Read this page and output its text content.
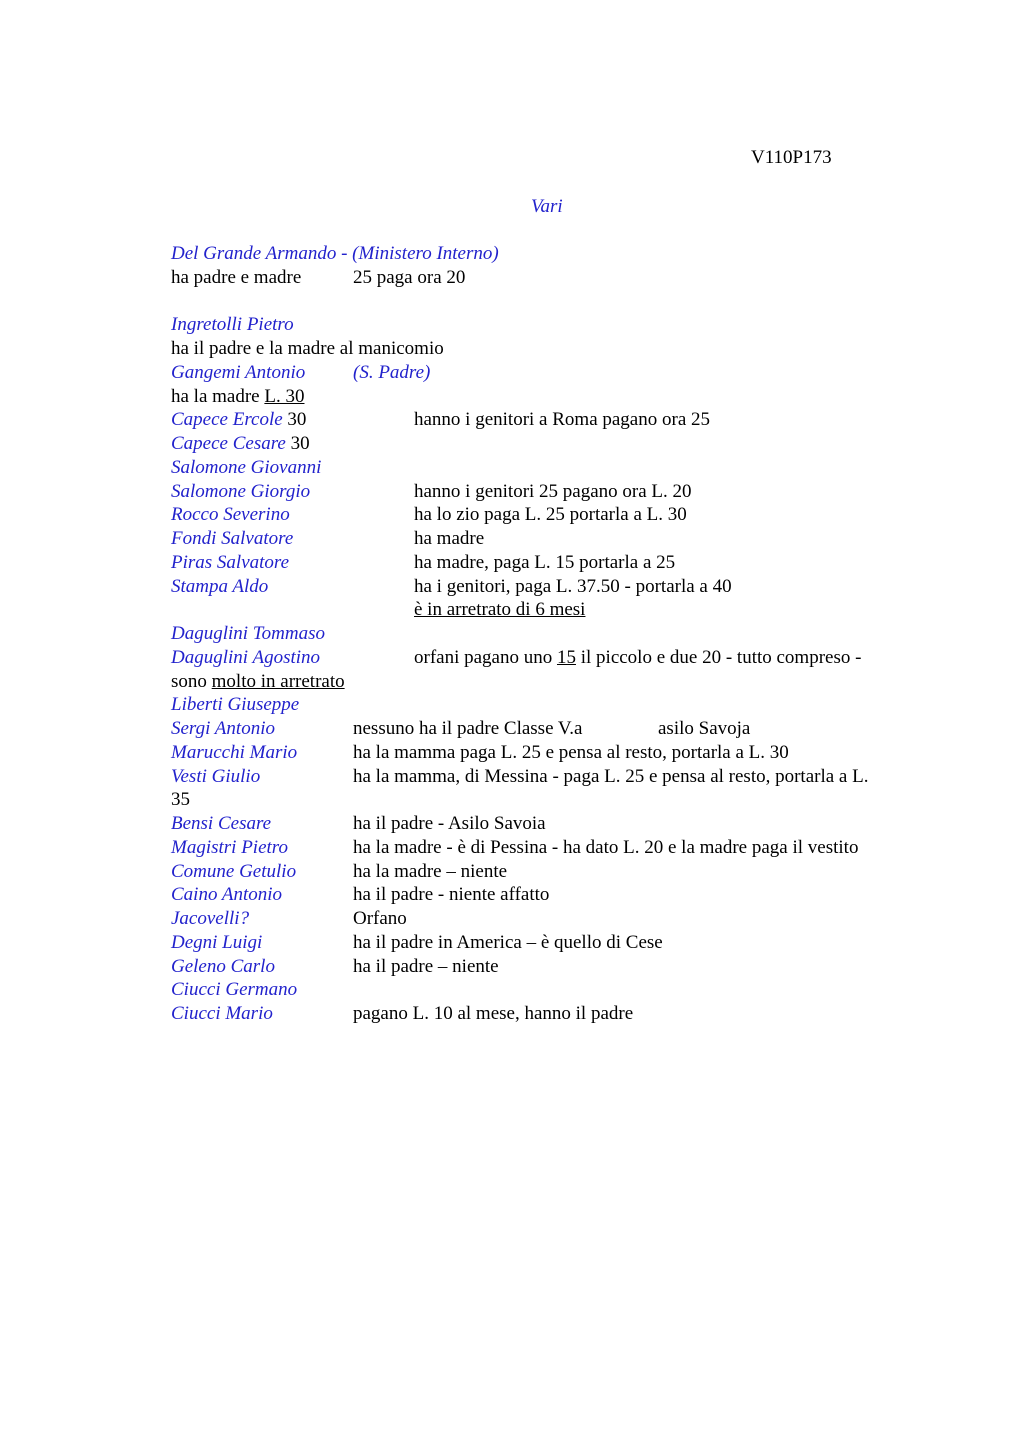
V110P173
Vari
Del Grande Armando - (Ministero Interno)
ha padre e madre	25 paga ora 20
Ingretolli Pietro
ha il padre e la madre al manicomio
Gangemi Antonio	(S. Padre)
ha la madre L. 30
Capece Ercole 30	hanno i genitori a Roma pagano ora 25
Capece Cesare 30
Salomone Giovanni
Salomone Giorgio	hanno i genitori 25 pagano ora L. 20
Rocco Severino	ha lo zio paga L. 25 portarla a L. 30
Fondi Salvatore	ha madre
Piras Salvatore	ha madre, paga L. 15 portarla a 25
Stampa Aldo	ha i genitori, paga L. 37.50 - portarla a 40
è in arretrato di 6 mesi
Daguglini Tommaso
Daguglini Agostino	orfani pagano uno 15 il piccolo e due 20 - tutto compreso -
sono molto in arretrato
Liberti Giuseppe
Sergi Antonio	nessuno ha il padre Classe V.a	asilo Savoja
Marucchi Mario	ha la mamma paga L. 25 e pensa al resto, portarla a L. 30
Vesti Giulio	ha la mamma, di Messina - paga L. 25 e pensa al resto, portarla a L.
35
Bensi Cesare	ha il padre - Asilo Savoia
Magistri Pietro	ha la madre - è di Pessina - ha dato L. 20 e la madre paga il vestito
Comune Getulio	ha la madre – niente
Caino Antonio	ha il padre - niente affatto
Jacovelli?	Orfano
Degni Luigi	ha il padre in America – è quello di Cese
Geleno Carlo	ha il padre – niente
Ciucci Germano
Ciucci Mario	pagano L. 10 al mese, hanno il padre
